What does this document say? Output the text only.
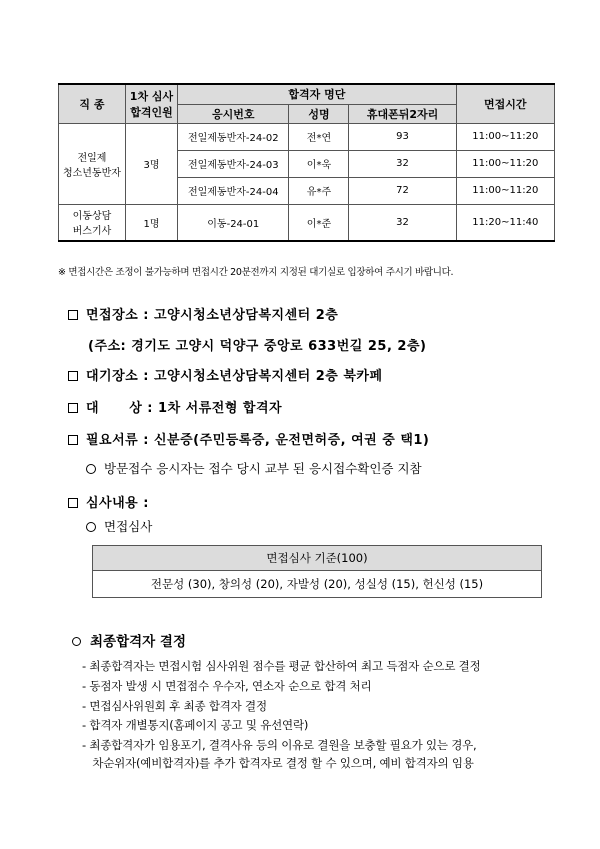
직 종	1차 심사
합격인원	합격자 명단			면접시간
		응시번호	성명	휴대폰뒤2자리	

전일제
청소년동반자	3명	전일제동반자-24-02	전*연	93	11:00~11:20
		전일제동반자-24-03	이*욱	32	11:00~11:20
		전일제동반자-24-04	유*주	72	11:00~11:20

이동상담
버스기사	1명	이동-24-01	이*준	32	11:20~11:40
※ 면접시간은 조정이 불가능하며 면접시간 20분전까지 지정된 대기실로 입장하여 주시기 바랍니다.
면접장소 : 고양시청소년상담복지센터 2층
(주소: 경기도 고양시 덕양구 중앙로 633번길 25, 2층)
대기장소 : 고양시청소년상담복지센터 2층 북카페
대      상 : 1차 서류전형 합격자
필요서류 : 신분증(주민등록증, 운전면허증, 여권 중 택1)
방문접수 응시자는 접수 당시 교부 된 응시접수확인증 지참
심사내용 :
면접심사
면접심사 기준(100)
전문성 (30), 창의성 (20), 자발성 (20), 성실성 (15), 헌신성 (15)
최종합격자 결정
- 최종합격자는 면접시험 심사위원 점수를 평균 합산하여 최고 득점자 순으로 결정
- 동점자 발생 시 면접점수 우수자, 연소자 순으로 합격 처리
- 면접심사위원회 후 최종 합격자 결정
- 합격자 개별통지(홈페이지 공고 및 유선연락)
- 최종합격자가 임용포기, 결격사유 등의 이유로 결원을 보충할 필요가 있는 경우,
차순위자(예비합격자)를 추가 합격자로 결정 할 수 있으며, 예비 합격자의 임용
